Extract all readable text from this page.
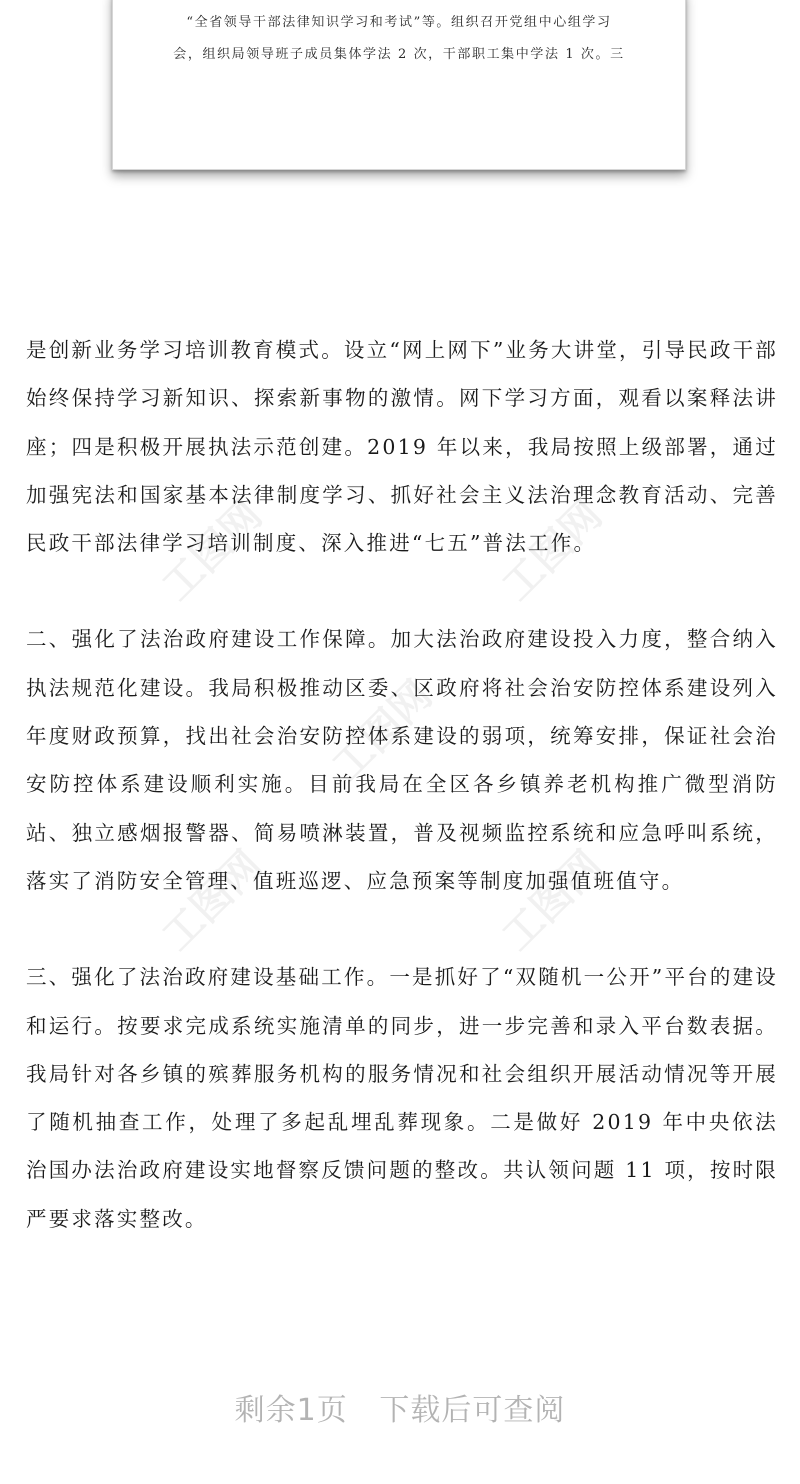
“全省领导干部法律知识学习和考试”等。组织召开党组中心组学习
会，组织局领导班子成员集体学法 2 次，干部职工集中学法 1 次。三
工图网	工图网
工图网
工图网	工图网

是创新业务学习培训教育模式。设立“网上网下”业务大讲堂，引导民政干部始终保持学习新知识、探索新事物的激情。网下学习方面，观看以案释法讲座；四是积极开展执法示范创建。2019 年以来，我局按照上级部署，通过加强宪法和国家基本法律制度学习、抓好社会主义法治理念教育活动、完善民政干部法律学习培训制度、深入推进“七五”普法工作。

二、强化了法治政府建设工作保障。加大法治政府建设投入力度，整合纳入执法规范化建设。我局积极推动区委、区政府将社会治安防控体系建设列入年度财政预算，找出社会治安防控体系建设的弱项，统筹安排，保证社会治安防控体系建设顺利实施。目前我局在全区各乡镇养老机构推广微型消防站、独立感烟报警器、简易喷淋装置，普及视频监控系统和应急呼叫系统，落实了消防安全管理、值班巡逻、应急预案等制度加强值班值守。

三、强化了法治政府建设基础工作。一是抓好了“双随机一公开”平台的建设和运行。按要求完成系统实施清单的同步，进一步完善和录入平台数表据。我局针对各乡镇的殡葬服务机构的服务情况和社会组织开展活动情况等开展了随机抽查工作，处理了多起乱埋乱葬现象。二是做好 2019 年中央依法治国办法治政府建设实地督察反馈问题的整改。共认领问题 11 项，按时限严要求落实整改。

剩余1页   下载后可查阅
